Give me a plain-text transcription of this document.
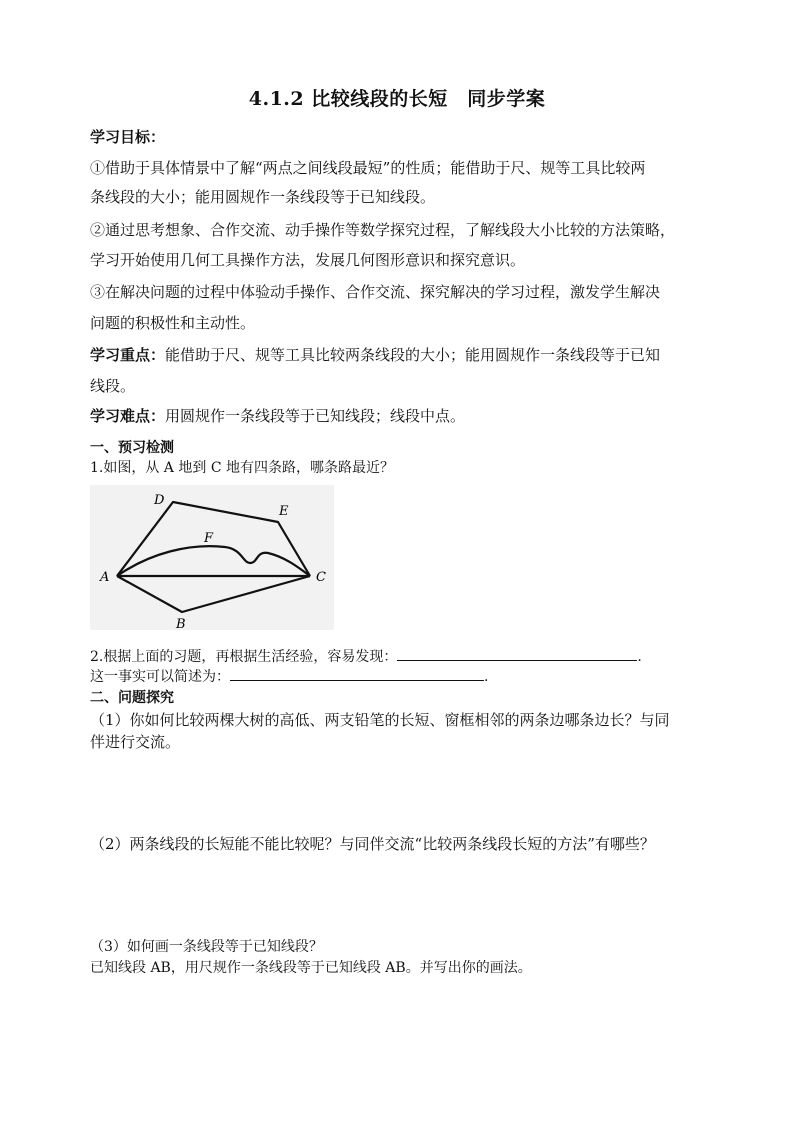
4.1.2 比较线段的长短　同步学案
学习目标：
①借助于具体情景中了解“两点之间线段最短”的性质；能借助于尺、规等工具比较两
条线段的大小；能用圆规作一条线段等于已知线段。
②通过思考想象、合作交流、动手操作等数学探究过程，了解线段大小比较的方法策略，
学习开始使用几何工具操作方法，发展几何图形意识和探究意识。
③在解决问题的过程中体验动手操作、合作交流、探究解决的学习过程，激发学生解决
问题的积极性和主动性。
学习重点：能借助于尺、规等工具比较两条线段的大小；能用圆规作一条线段等于已知
线段。
学习难点：用圆规作一条线段等于已知线段；线段中点。
一、预习检测
1.如图，从 A 地到 C 地有四条路，哪条路最近？
A
B
C
D
E
F
2.根据上面的习题，再根据生活经验，容易发现：	.
这一事实可以简述为：	.
二、问题探究
（1）你如何比较两棵大树的高低、两支铅笔的长短、窗框相邻的两条边哪条边长？与同
伴进行交流。
（2）两条线段的长短能不能比较呢？与同伴交流“比较两条线段长短的方法”有哪些？
（3）如何画一条线段等于已知线段？
已知线段 AB，用尺规作一条线段等于已知线段 AB。并写出你的画法。
